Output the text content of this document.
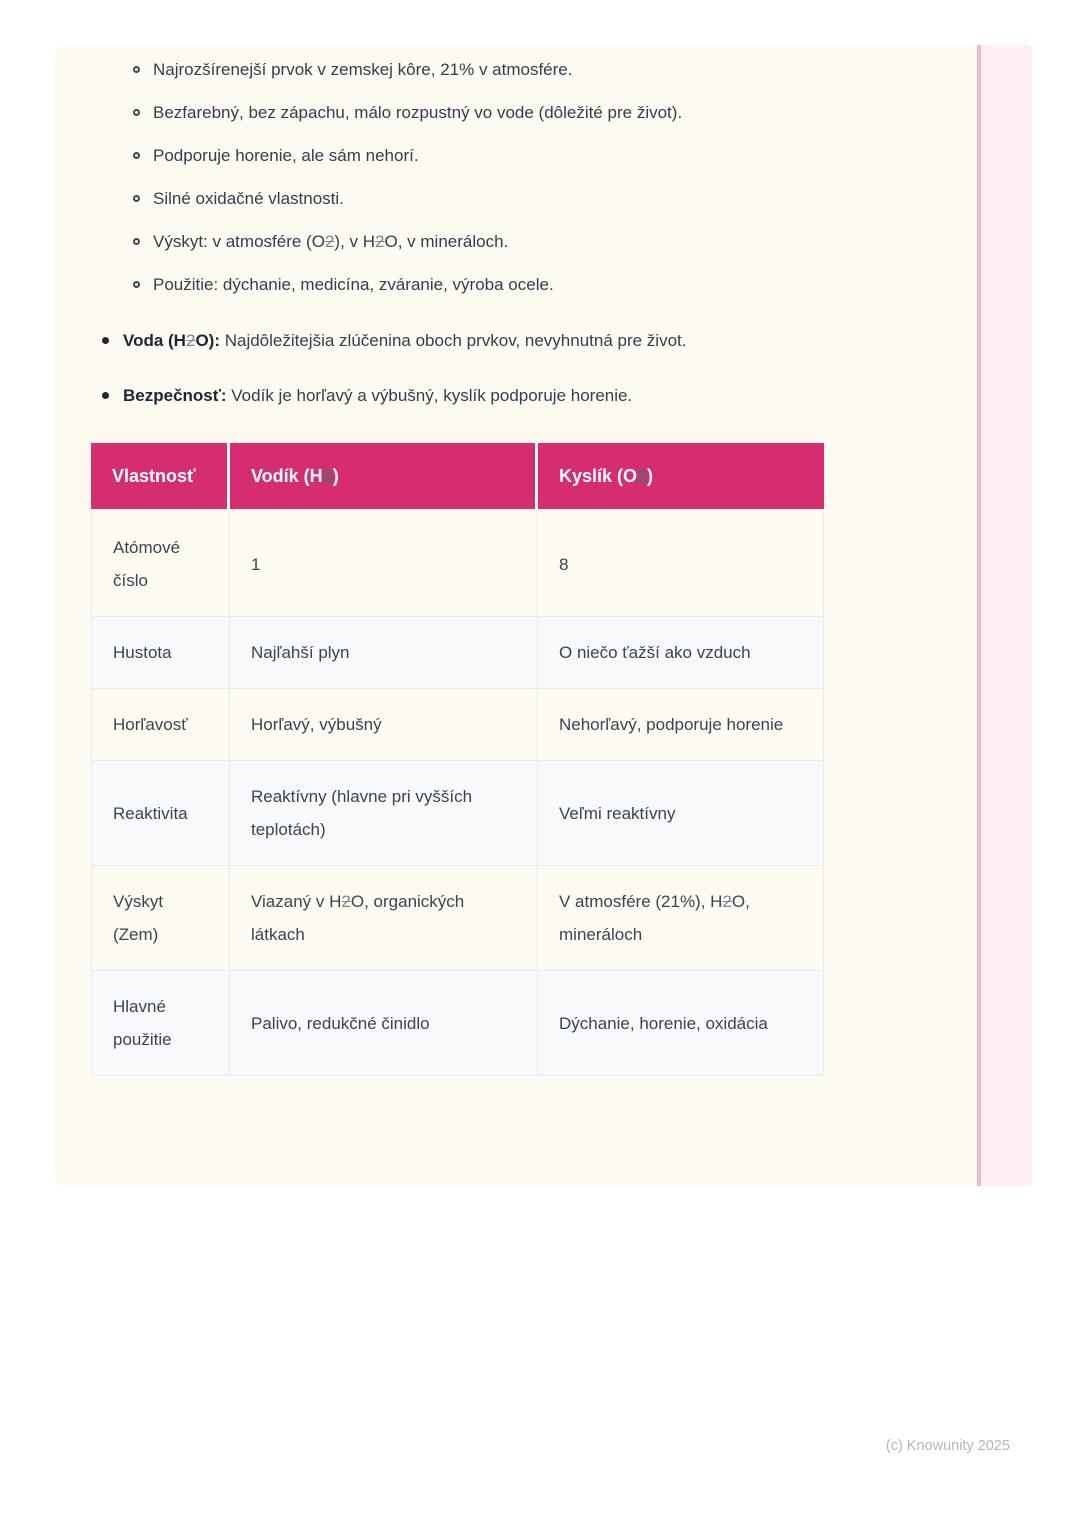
Najrozšírenejší prvok v zemskej kôre, 21% v atmosfére.
Bezfarebný, bez zápachu, málo rozpustný vo vode (dôležité pre život).
Podporuje horenie, ale sám nehorí.
Silné oxidačné vlastnosti.
Výskyt: v atmosfére (O2), v H2O, v mineráloch.
Použitie: dýchanie, medicína, zváranie, výroba ocele.
Voda (H2O): Najdôležitejšia zlúčenina oboch prvkov, nevyhnutná pre život.
Bezpečnosť: Vodík je horľavý a výbušný, kyslík podporuje horenie.
Vlastnosť	Vodík (H2)	Kyslík (O2)
Atómové číslo	1	8
Hustota	Najľahší plyn	O niečo ťažší ako vzduch
Horľavosť	Horľavý, výbušný	Nehorľavý, podporuje horenie
Reaktivita	Reaktívny (hlavne pri vyšších teplotách)	Veľmi reaktívny
Výskyt (Zem)	Viazaný v H2O, organických látkach	V atmosfére (21%), H2O, mineráloch
Hlavné použitie	Palivo, redukčné činidlo	Dýchanie, horenie, oxidácia
(c) Knowunity 2025
